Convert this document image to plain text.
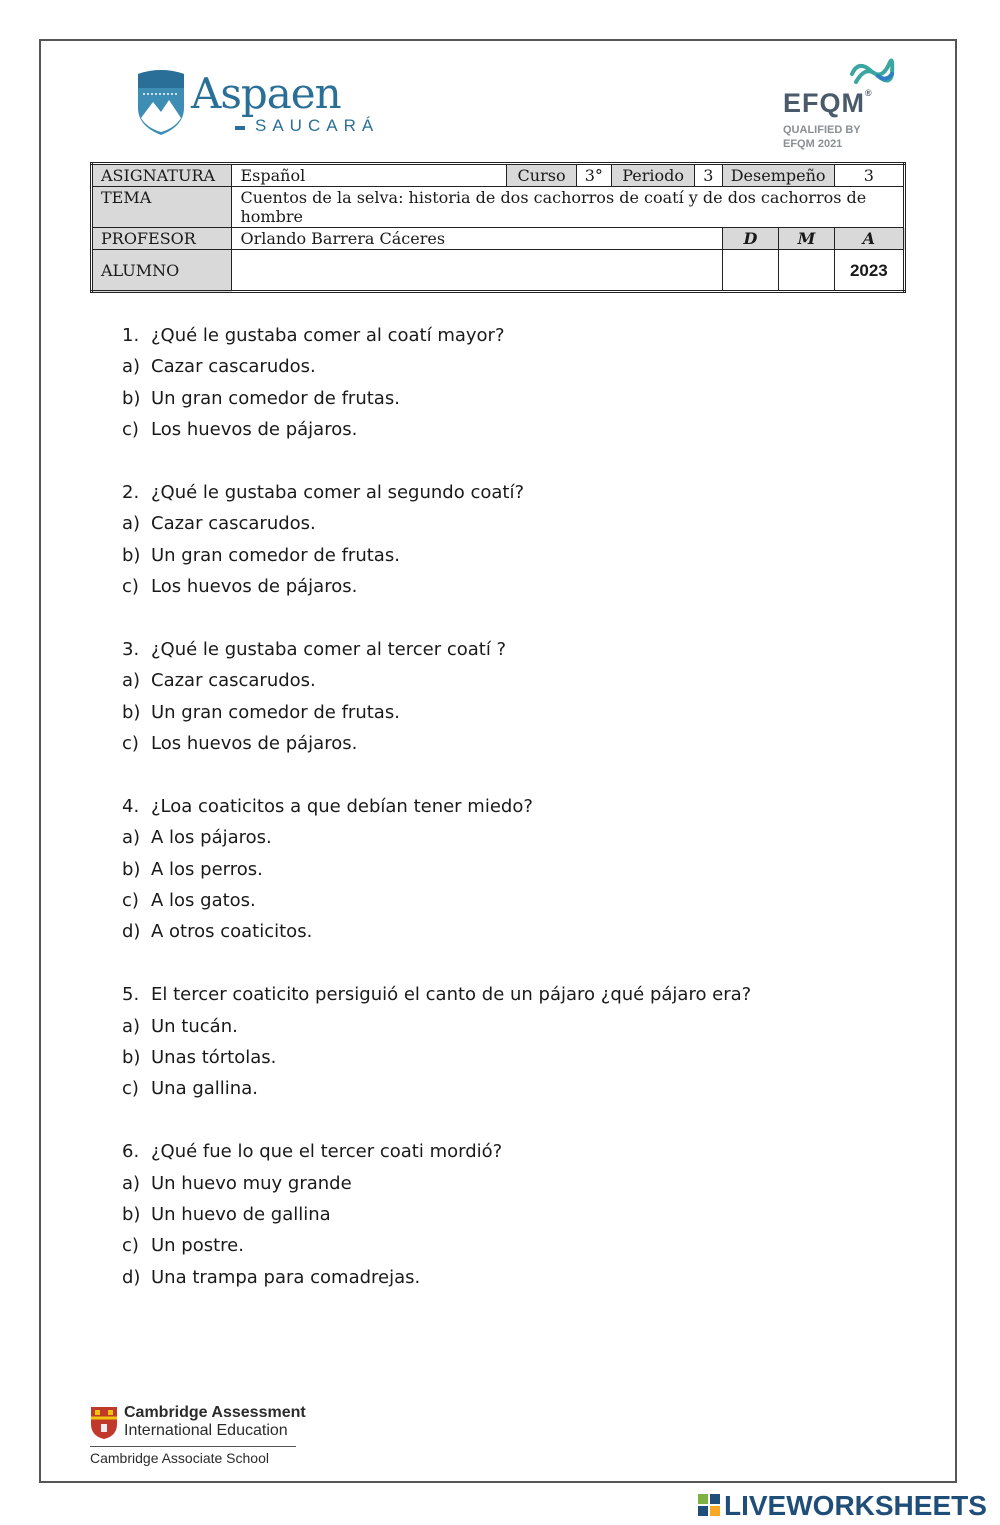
Aspaen
SAUCARÁ
EFQM®
QUALIFIED BY
EFQM 2021
ASIGNATURA	Español	Curso	3°	Periodo	3	Desempeño		3
TEMA	Cuentos de la selva: historia de dos cachorros de coatí y de dos cachorros de hombre							
PROFESOR	Orlando Barrera Cáceres					D	M	A
ALUMNO								2023
1. ¿Qué le gustaba comer al coatí mayor?
a) Cazar cascarudos.
b) Un gran comedor de frutas.
c) Los huevos de pájaros.
2. ¿Qué le gustaba comer al segundo coatí?
a) Cazar cascarudos.
b) Un gran comedor de frutas.
c) Los huevos de pájaros.
3. ¿Qué le gustaba comer al tercer coatí ?
a) Cazar cascarudos.
b) Un gran comedor de frutas.
c) Los huevos de pájaros.
4. ¿Loa coaticitos a que debían tener miedo?
a) A los pájaros.
b) A los perros.
c) A los gatos.
d) A otros coaticitos.
5. El tercer coaticito persiguió el canto de un pájaro ¿qué pájaro era?
a) Un tucán.
b) Unas tórtolas.
c) Una gallina.
6. ¿Qué fue lo que el tercer coati mordió?
a) Un huevo muy grande
b) Un huevo de gallina
c) Un postre.
d) Una trampa para comadrejas.
Cambridge Assessment
International Education
Cambridge Associate School
LIVEWORKSHEETS
